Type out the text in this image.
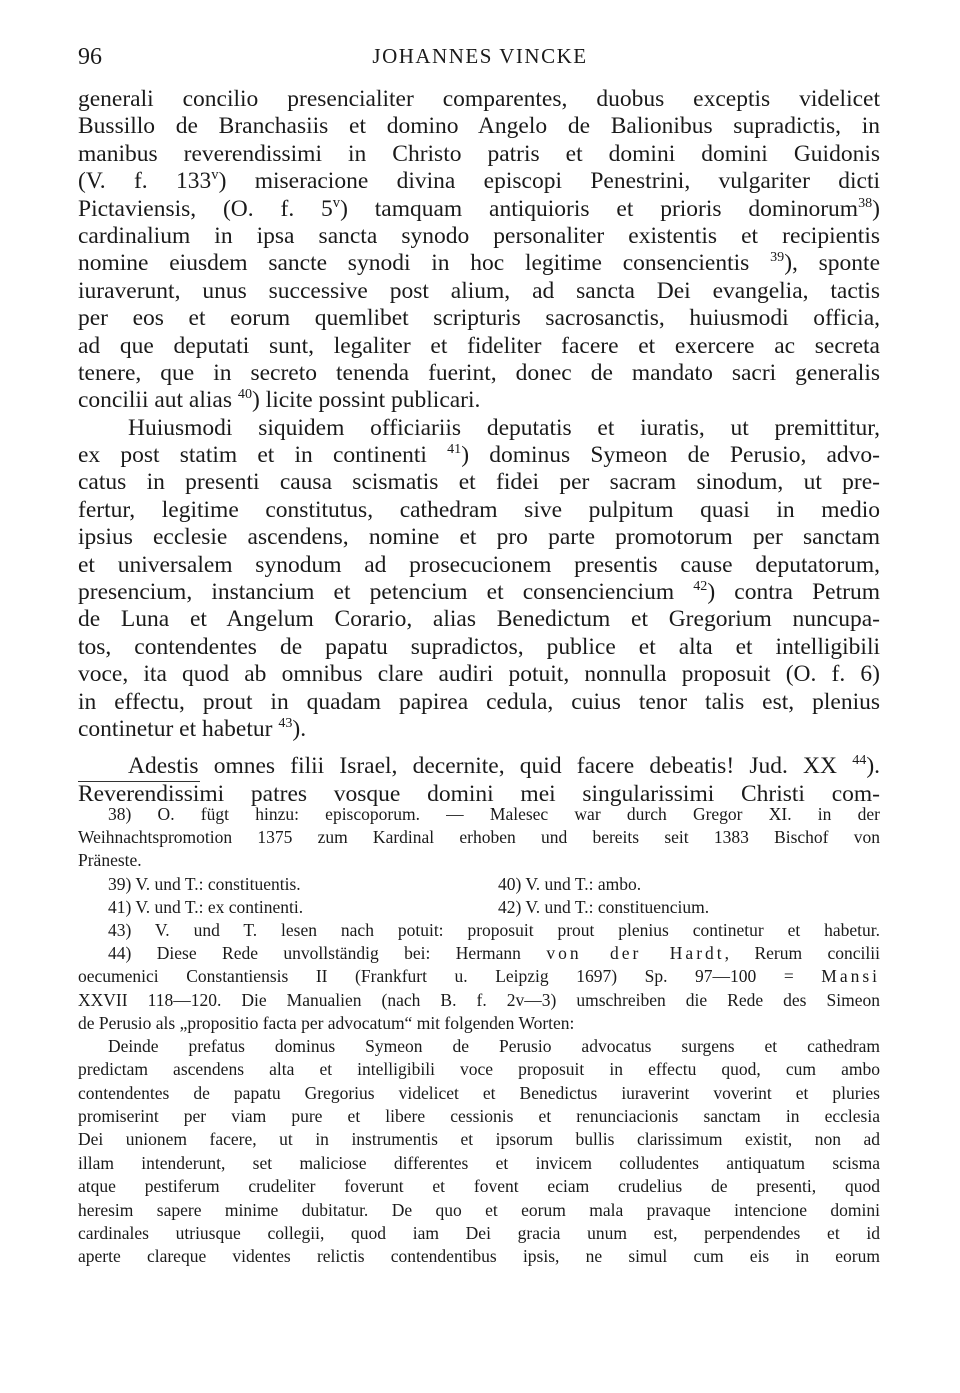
96	JOHANNES VINCKE
generali concilio presencialiter comparentes, duobus exceptis videlicet
Bussillo de Branchasiis et domino Angelo de Balionibus supradictis, in
manibus reverendissimi in Christo patris et domini domini Guidonis
(V. f. 133$^v$) miseracione divina episcopi Penestrini, vulgariter dicti
Pictaviensis, (O. f. 5$^v$) tamquam antiquioris et prioris dominorum$^{38}$)
cardinalium in ipsa sancta synodo personaliter existentis et recipientis
nomine eiusdem sancte synodi in hoc legitime consencientis $^{39}$), sponte
iuraverunt, unus successive post alium, ad sancta Dei evangelia, tactis
per eos et eorum quemlibet scripturis sacrosanctis, huiusmodi officia,
ad que deputati sunt, legaliter et fideliter facere et exercere ac secreta
tenere, que in secreto tenenda fuerint, donec de mandato sacri generalis
concilii aut alias $^{40}$) licite possint publicari.
Huiusmodi siquidem officiariis deputatis et iuratis, ut premittitur,
ex post statim et in continenti $^{41}$) dominus Symeon de Perusio, advo-
catus in presenti causa scismatis et fidei per sacram sinodum, ut pre-
fertur, legitime constitutus, cathedram sive pulpitum quasi in medio
ipsius ecclesie ascendens, nomine et pro parte promotorum per sanctam
et universalem synodum ad prosecucionem presentis cause deputatorum,
presencium, instancium et petencium et consenciencium $^{42}$) contra Petrum
de Luna et Angelum Corario, alias Benedictum et Gregorium nuncupa-
tos, contendentes de papatu supradictos, publice et alta et intelligibili
voce, ita quod ab omnibus clare audiri potuit, nonnulla proposuit (O. f. 6)
in effectu, prout in quadam papirea cedula, cuius tenor talis est, plenius
continetur et habetur $^{43}$).
Adestis omnes filii Israel, decernite, quid facere debeatis! Jud. XX $^{44}$).
Reverendissimi patres vosque domini mei singularissimi Christi com-
38) O. fügt hinzu: episcoporum. — Malesec war durch Gregor XI. in der
Weihnachtspromotion 1375 zum Kardinal erhoben und bereits seit 1383 Bischof von
Präneste.
39) V. und T.: constituentis.	40) V. und T.: ambo.
41) V. und T.: ex continenti.	42) V. und T.: constituencium.
43) V. und T. lesen nach potuit: proposuit prout plenius continetur et habetur.
44) Diese Rede unvollständig bei: Hermann von der Hardt, Rerum concilii
oecumenici Constantiensis II (Frankfurt u. Leipzig 1697) Sp. 97—100 = Mansi
XXVII 118—120. Die Manualien (nach B. f. 2v—3) umschreiben die Rede des Simeon
de Perusio als „propositio facta per advocatum“ mit folgenden Worten:
Deinde prefatus dominus Symeon de Perusio advocatus surgens et cathedram
predictam ascendens alta et intelligibili voce proposuit in effectu quod, cum ambo
contendentes de papatu Gregorius videlicet et Benedictus iuraverint voverint et pluries
promiserint per viam pure et libere cessionis et renunciacionis sanctam in ecclesia
Dei unionem facere, ut in instrumentis et ipsorum bullis clarissimum existit, non ad
illam intenderunt, set maliciose differentes et invicem colludentes antiquatum scisma
atque pestiferum crudeliter foverunt et fovent eciam crudelius de presenti, quod
heresim sapere minime dubitatur. De quo et eorum mala pravaque intencione domini
cardinales utriusque collegii, quod iam Dei gracia unum est, perpendendes et id
aperte clareque videntes relictis contendentibus ipsis, ne simul cum eis in eorum
